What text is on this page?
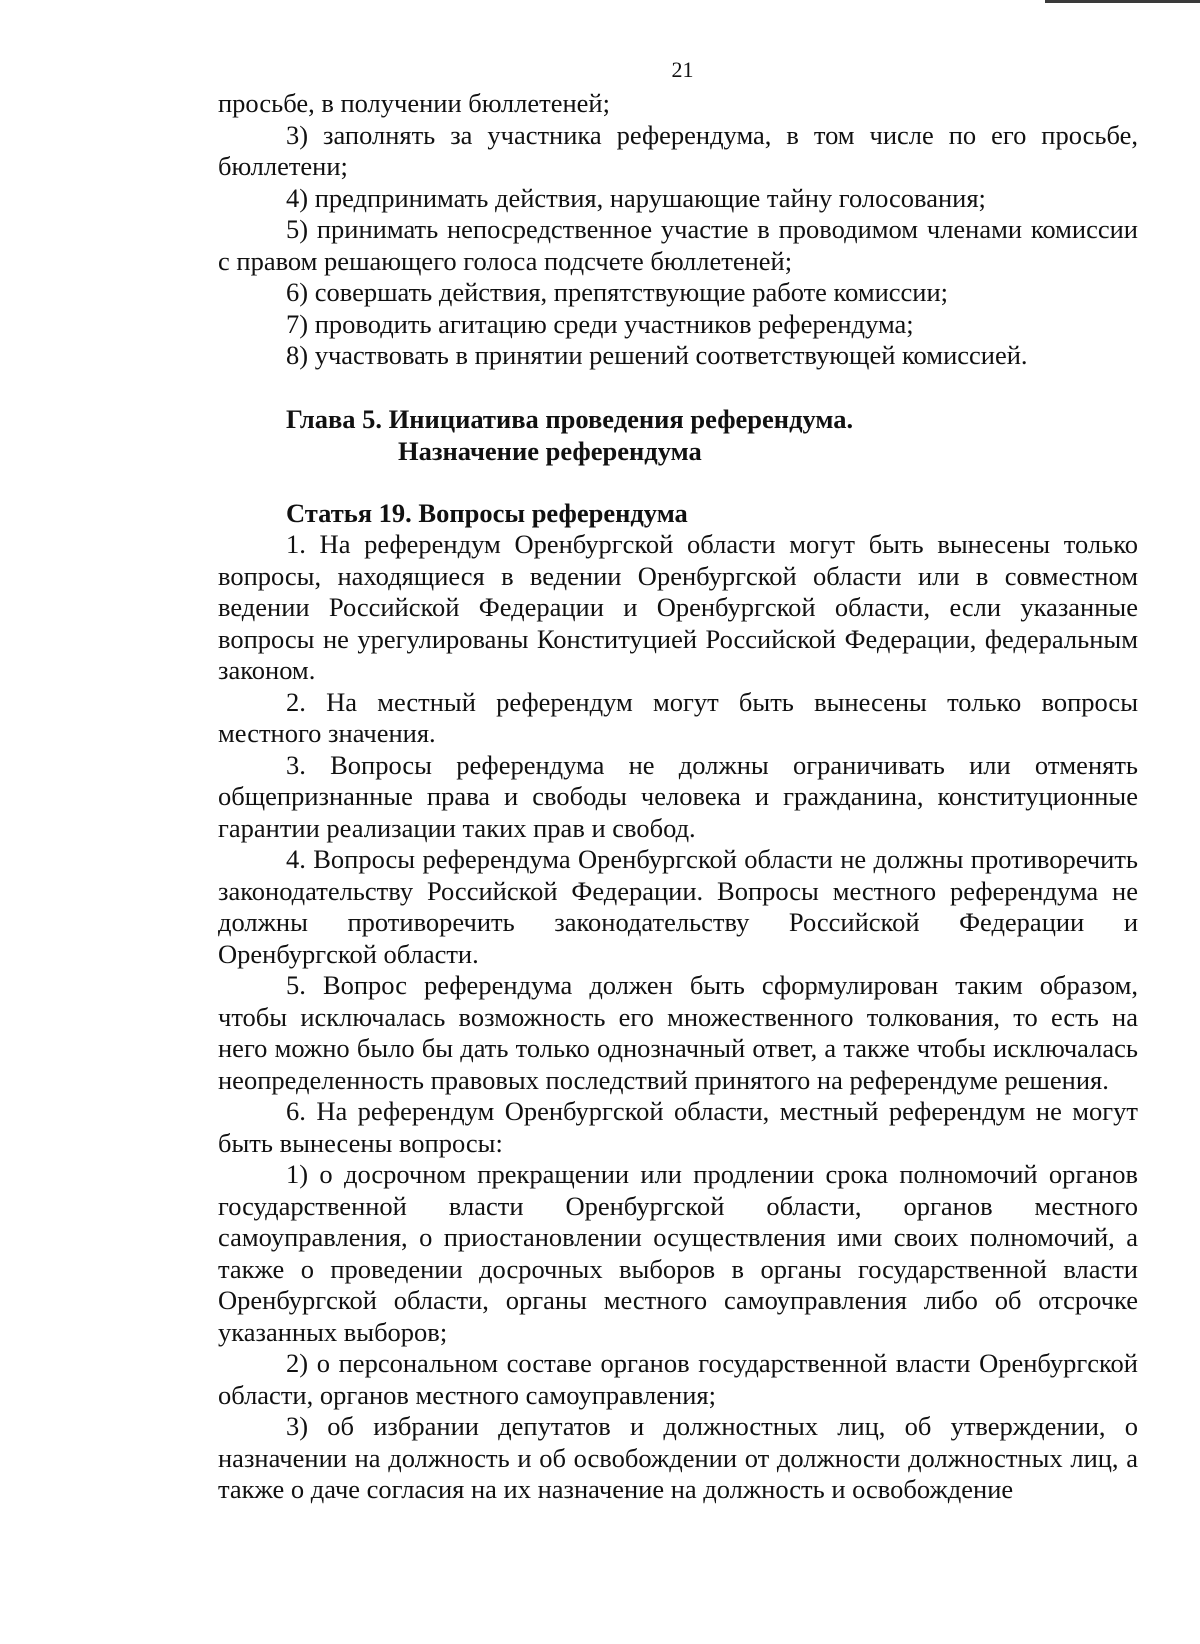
21

просьбе, в получении бюллетеней;

3) заполнять за участника референдума, в том числе по его просьбе, бюллетени;

4) предпринимать действия, нарушающие тайну голосования;

5) принимать непосредственное участие в проводимом членами комиссии с правом решающего голоса подсчете бюллетеней;

6) совершать действия, препятствующие работе комиссии;

7) проводить агитацию среди участников референдума;

8) участвовать в принятии решений соответствующей комиссией.

Глава 5. Инициатива проведения референдума.
Назначение референдума

Статья 19. Вопросы референдума

1. На референдум Оренбургской области могут быть вынесены только вопросы, находящиеся в ведении Оренбургской области или в совместном ведении Российской Федерации и Оренбургской области, если указанные вопросы не урегулированы Конституцией Российской Федерации, федеральным законом.

2. На местный референдум могут быть вынесены только вопросы местного значения.

3. Вопросы референдума не должны ограничивать или отменять общепризнанные права и свободы человека и гражданина, конституционные гарантии реализации таких прав и свобод.

4. Вопросы референдума Оренбургской области не должны противоречить законодательству Российской Федерации. Вопросы местного референдума не должны противоречить законодательству Российской Федерации и Оренбургской области.

5. Вопрос референдума должен быть сформулирован таким образом, чтобы исключалась возможность его множественного толкования, то есть на него можно было бы дать только однозначный ответ, а также чтобы исключалась неопределенность правовых последствий принятого на референдуме решения.

6. На референдум Оренбургской области, местный референдум не могут быть вынесены вопросы:

1) о досрочном прекращении или продлении срока полномочий органов государственной власти Оренбургской области, органов местного самоуправления, о приостановлении осуществления ими своих полномочий, а также о проведении досрочных выборов в органы государственной власти Оренбургской области, органы местного самоуправления либо об отсрочке указанных выборов;

2) о персональном составе органов государственной власти Оренбургской области, органов местного самоуправления;

3) об избрании депутатов и должностных лиц, об утверждении, о назначении на должность и об освобождении от должности должностных лиц, а также о даче согласия на их назначение на должность и освобождение
